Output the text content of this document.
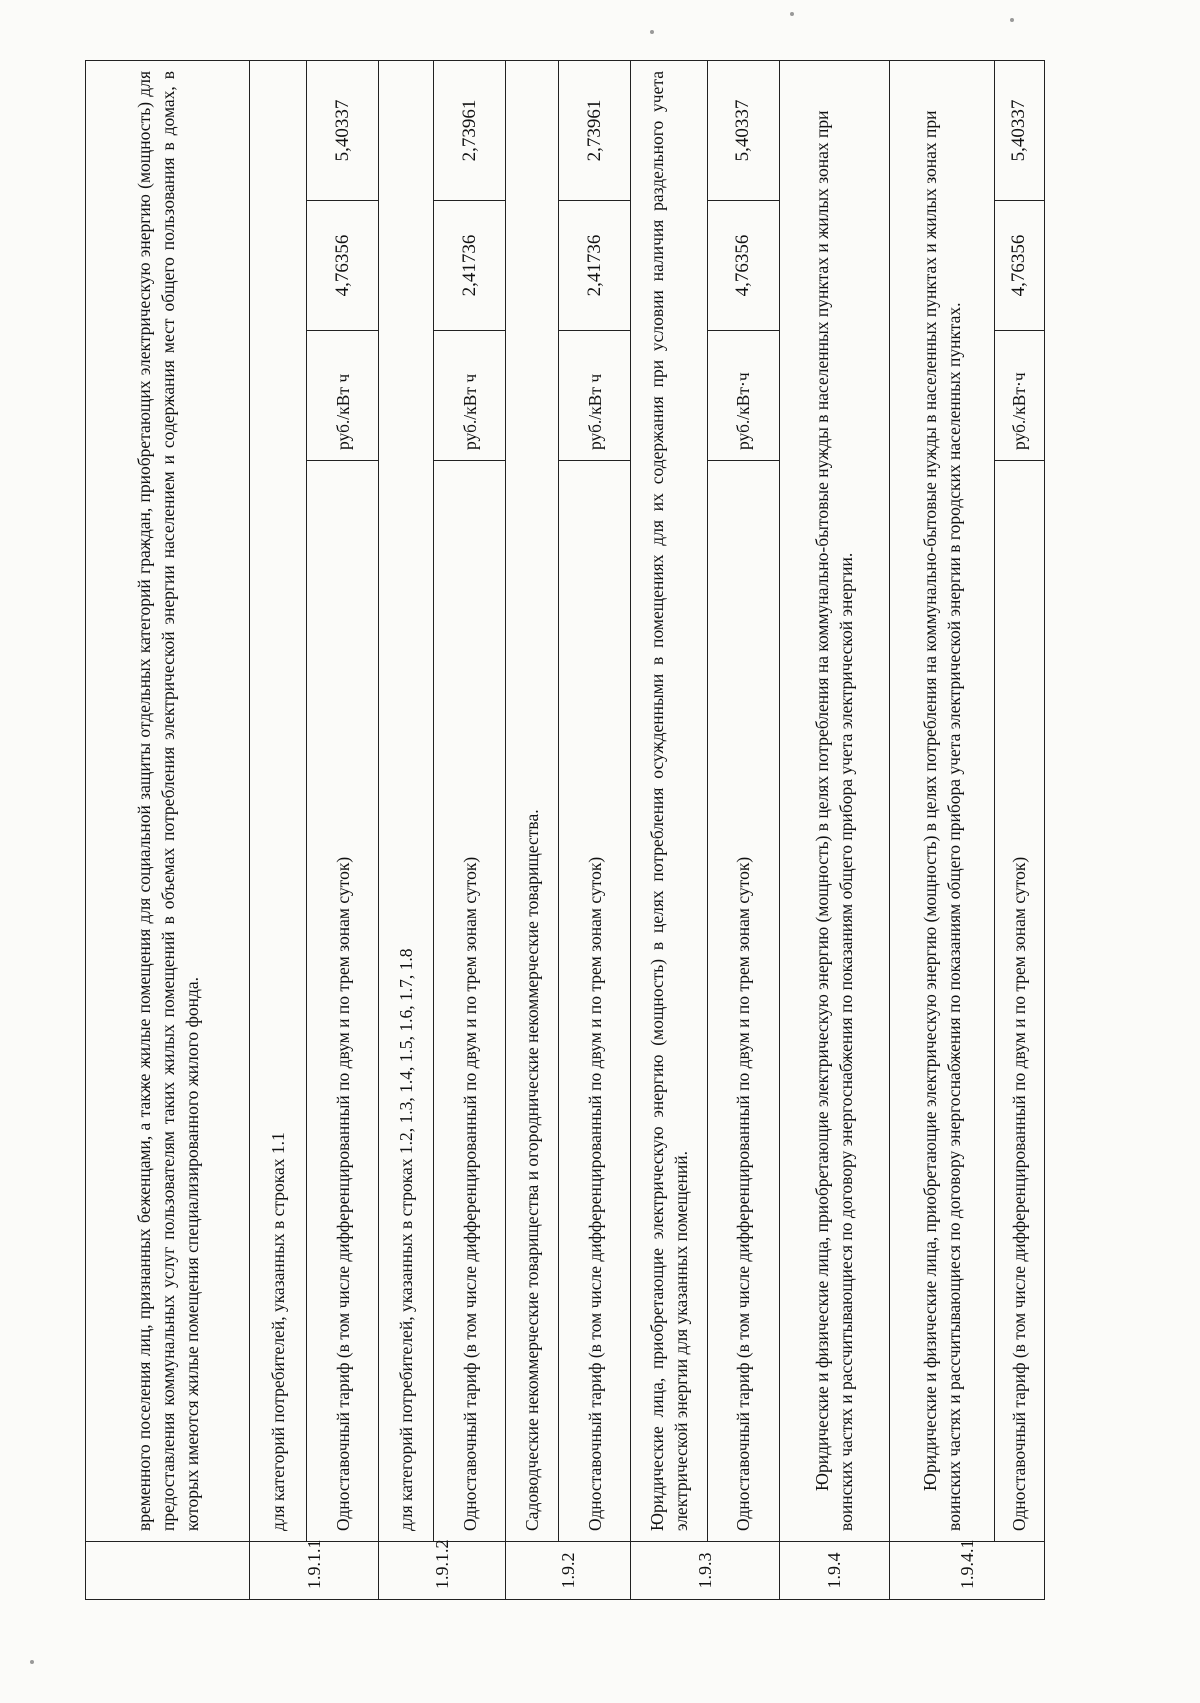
	временного поселения лиц, признанных беженцами, а также жилые помещения для социальной защиты отдельных категорий граждан, приобретающих электрическую энергию (мощность) для предоставления коммунальных услуг пользователям таких жилых помещений в объемах потребления электрической энергии населением и содержания мест общего пользования в домах, в которых имеются жилые помещения специализированного жилого фонда.			
1.9.1.1	для категорий потребителей, указанных в строках 1.1			
	Одноставочный тариф (в том числе дифференцированный по двум и по трем зонам суток)	руб./кВт ч	4,76356	5,40337
1.9.1.2	для категорий потребителей, указанных в строках 1.2, 1.3, 1.4, 1.5, 1.6, 1.7, 1.8			
	Одноставочный тариф (в том числе дифференцированный по двум и по трем зонам суток)	руб./кВт ч	2,41736	2,73961
1.9.2	Садоводческие некоммерческие товарищества и огороднические некоммерческие товарищества.			
	Одноставочный тариф (в том числе дифференцированный по двум и по трем зонам суток)	руб./кВт ч	2,41736	2,73961
1.9.3	Юридические лица, приобретающие электрическую энергию (мощность) в целях потребления осужденными в помещениях для их содержания при условии наличия раздельного учета электрической энергии для указанных помещений.			
	Одноставочный тариф (в том числе дифференцированный по двум и по трем зонам суток)	руб./кВт·ч	4,76356	5,40337
1.9.4	Юридические и физические лица, приобретающие электрическую энергию (мощность) в целях потребления на коммунально-бытовые нужды в населенных пунктах и жилых зонах при воинских частях и рассчитывающиеся по договору энергоснабжения по показаниям общего прибора учета электрической энергии.			
1.9.4.1	Юридические и физические лица, приобретающие электрическую энергию (мощность) в целях потребления на коммунально-бытовые нужды в населенных пунктах и жилых зонах при воинских частях и рассчитывающиеся по договору энергоснабжения по показаниям общего прибора учета электрической энергии в городских населенных пунктах.			
	Одноставочный тариф (в том числе дифференцированный по двум и по трем зонам суток)	руб./кВт·ч	4,76356	5,40337
